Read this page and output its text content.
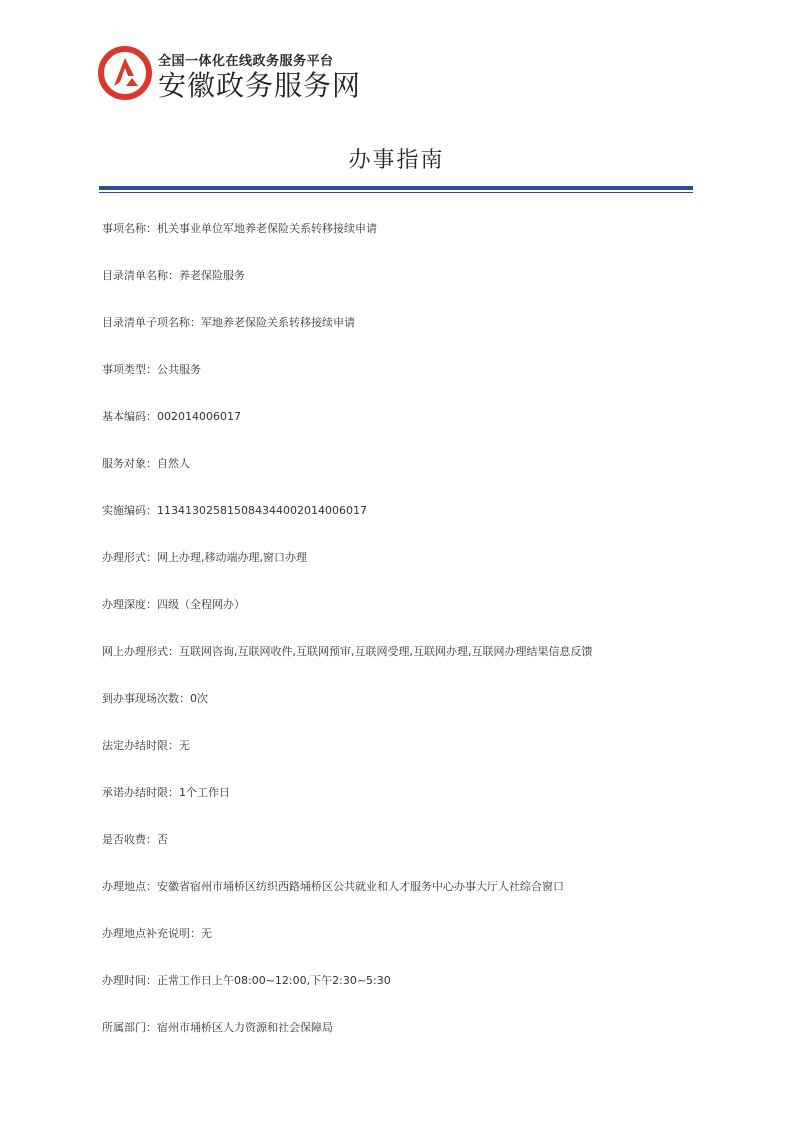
全国一体化在线政务服务平台
安徽政务服务网
办事指南
事项名称：机关事业单位军地养老保险关系转移接续申请
目录清单名称：养老保险服务
目录清单子项名称：军地养老保险关系转移接续申请
事项类型：公共服务
基本编码：002014006017
服务对象：自然人
实施编码：113413025815084344002014006017
办理形式：网上办理,移动端办理,窗口办理
办理深度：四级（全程网办）
网上办理形式：互联网咨询,互联网收件,互联网预审,互联网受理,互联网办理,互联网办理结果信息反馈
到办事现场次数：0次
法定办结时限：无
承诺办结时限：1个工作日
是否收费：否
办理地点：安徽省宿州市埇桥区纺织西路埇桥区公共就业和人才服务中心办事大厅人社综合窗口
办理地点补充说明：无
办理时间：正常工作日上午08:00~12:00,下午2:30~5:30
所属部门：宿州市埇桥区人力资源和社会保障局
